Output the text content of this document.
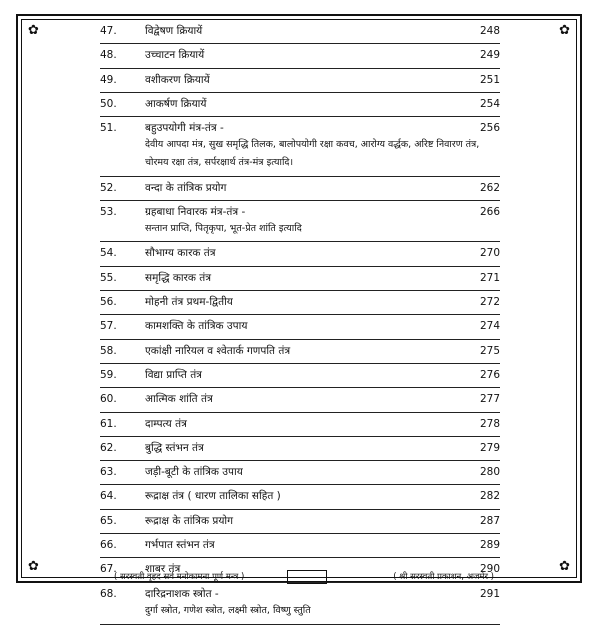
✿	✿
✿	✿
47.	विद्वेषण क्रियायें	248
48.	उच्चाटन क्रियायें	249
49.	वशीकरण क्रियायें	251
50.	आकर्षण क्रियायें	254
51.	बहुउपयोगी मंत्र-तंत्र -	256
देवीय आपदा मंत्र, सुख समृद्धि तिलक, बालोपयोगी रक्षा कवच, आरोग्य वर्द्धक, अरिष्ट निवारण तंत्र, चोरमय रक्षा तंत्र, सर्परक्षार्थ तंत्र-मंत्र इत्यादि।
52.	वन्दा के तांत्रिक प्रयोग	262
53.	ग्रहबाधा निवारक मंत्र-तंत्र -	266
सन्तान प्राप्ति, पितृकृपा, भूत-प्रेत शांति इत्यादि
54.	सौभाग्य कारक तंत्र	270
55.	समृद्धि कारक तंत्र	271
56.	मोहनी तंत्र प्रथम-द्वितीय	272
57.	कामशक्ति के तांत्रिक उपाय	274
58.	एकांक्षी नारियल व श्वेतार्क गणपति तंत्र	275
59.	विद्या प्राप्ति तंत्र	276
60.	आत्मिक शांति तंत्र	277
61.	दाम्पत्य तंत्र	278
62.	बुद्धि स्तंभन तंत्र	279
63.	जड़ी-बूटी के तांत्रिक उपाय	280
64.	रूद्राक्ष तंत्र ( धारण तालिका सहित )	282
65.	रूद्राक्ष के तांत्रिक प्रयोग	287
66.	गर्भपात स्तंभन तंत्र	289
67.	शाबर तंत्र	290
68.	दारिद्रनाशक स्त्रोत -	291
दुर्गा स्त्रोत, गणेश स्त्रोत, लक्ष्मी स्त्रोत, विष्णु स्तुति
( सरस्वती वृहद सर्व मनोकामना पूर्ण मन्त्र )	( श्री सरस्वती प्रकाशन, अजमेर )
